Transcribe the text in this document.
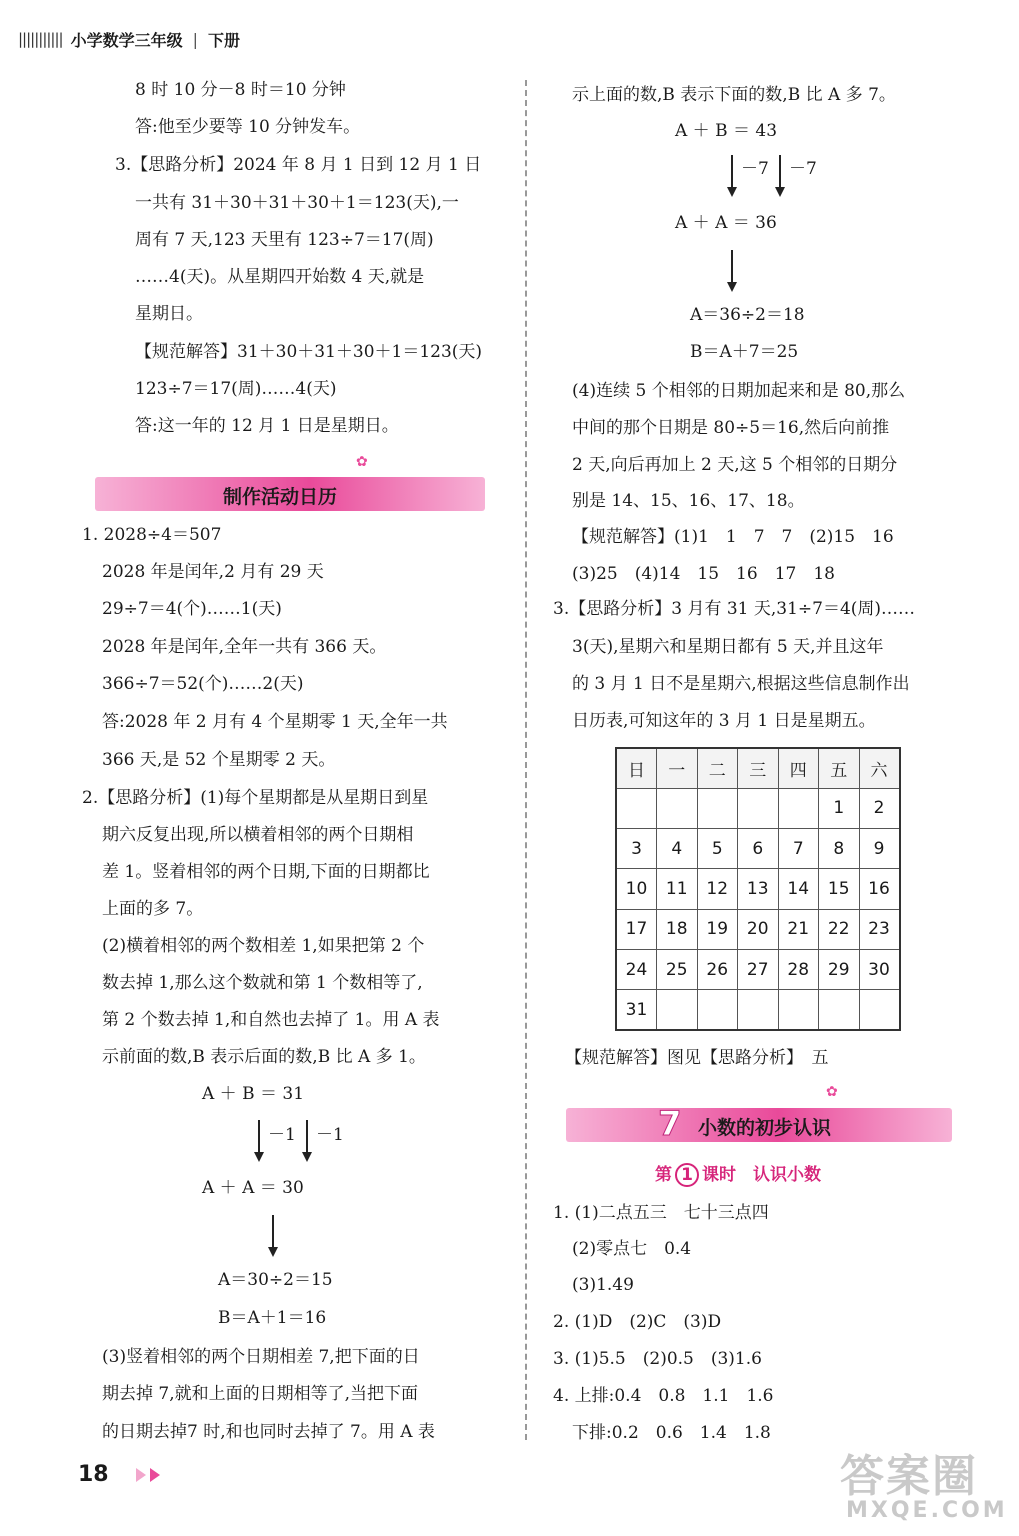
||||||||||| 小学数学三年级 | 下册
8 时 10 分－8 时＝10 分钟
答:他至少要等 10 分钟发车。
3.【思路分析】2024 年 8 月 1 日到 12 月 1 日
一共有 31＋30＋31＋30＋1＝123(天),一
周有 7 天,123 天里有 123÷7＝17(周)
……4(天)。从星期四开始数 4 天,就是
星期日。
【规范解答】31＋30＋31＋30＋1＝123(天)
123÷7＝17(周)……4(天)
答:这一年的 12 月 1 日是星期日。
✿
制作活动日历
1. 2028÷4＝507
2028 年是闰年,2 月有 29 天
29÷7＝4(个)……1(天)
2028 年是闰年,全年一共有 366 天。
366÷7＝52(个)……2(天)
答:2028 年 2 月有 4 个星期零 1 天,全年一共
366 天,是 52 个星期零 2 天。
2.【思路分析】(1)每个星期都是从星期日到星
期六反复出现,所以横着相邻的两个日期相
差 1。竖着相邻的两个日期,下面的日期都比
上面的多 7。
(2)横着相邻的两个数相差 1,如果把第 2 个
数去掉 1,那么这个数就和第 1 个数相等了,
第 2 个数去掉 1,和自然也去掉了 1。用 A 表
示前面的数,B 表示后面的数,B 比 A 多 1。
A ＋ B ＝ 31
－1 －1
A ＋ A ＝ 30
A＝30÷2＝15
B＝A＋1＝16
(3)竖着相邻的两个日期相差 7,把下面的日
期去掉 7,就和上面的日期相等了,当把下面
的日期去掉7 时,和也同时去掉了 7。用 A 表
示上面的数,B 表示下面的数,B 比 A 多 7。
A ＋ B ＝ 43
－7 －7
A ＋ A ＝ 36
A＝36÷2＝18
B＝A＋7＝25
(4)连续 5 个相邻的日期加起来和是 80,那么
中间的那个日期是 80÷5＝16,然后向前推
2 天,向后再加上 2 天,这 5 个相邻的日期分
别是 14、15、16、17、18。
【规范解答】(1)1　1　7　7　(2)15　16
(3)25　(4)14　15　16　17　18
3.【思路分析】3 月有 31 天,31÷7＝4(周)……
3(天),星期六和星期日都有 5 天,并且这年
的 3 月 1 日不是星期六,根据这些信息制作出
日历表,可知这年的 3 月 1 日是星期五。
日	一	二	三	四	五	六
					1	2
3	4	5	6	7	8	9
10	11	12	13	14	15	16
17	18	19	20	21	22	23
24	25	26	27	28	29	30
31						
【规范解答】图见【思路分析】　五
✿
7 小数的初步认识
第 1 课时　认识小数
1. (1)二点五三　七十三点四
(2)零点七　0.4
(3)1.49
2. (1)D　(2)C　(3)D
3. (1)5.5　(2)0.5　(3)1.6
4. 上排:0.4　0.8　1.1　1.6
下排:0.2　0.6　1.4　1.8
18	答案圈
MXQE.COM
